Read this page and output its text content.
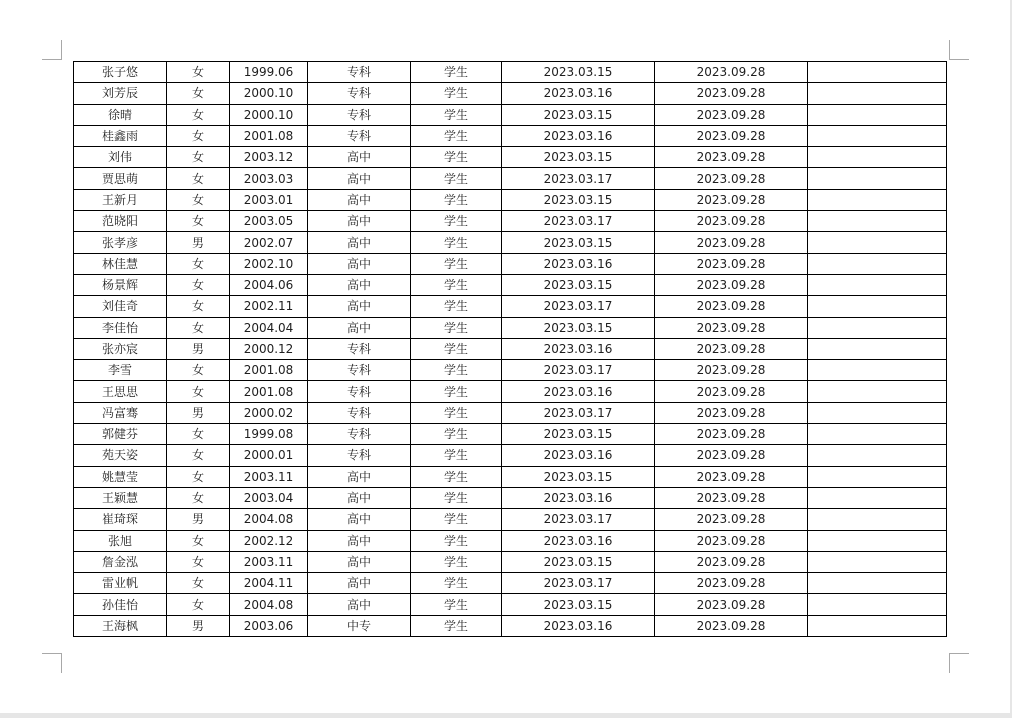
张子悠	女	1999.06	专科	学生	2023.03.15	2023.09.28	
刘芳辰	女	2000.10	专科	学生	2023.03.16	2023.09.28	
徐晴	女	2000.10	专科	学生	2023.03.15	2023.09.28	
桂鑫雨	女	2001.08	专科	学生	2023.03.16	2023.09.28	
刘伟	女	2003.12	高中	学生	2023.03.15	2023.09.28	
贾思萌	女	2003.03	高中	学生	2023.03.17	2023.09.28	
王新月	女	2003.01	高中	学生	2023.03.15	2023.09.28	
范晓阳	女	2003.05	高中	学生	2023.03.17	2023.09.28	
张孝彦	男	2002.07	高中	学生	2023.03.15	2023.09.28	
林佳慧	女	2002.10	高中	学生	2023.03.16	2023.09.28	
杨景辉	女	2004.06	高中	学生	2023.03.15	2023.09.28	
刘佳奇	女	2002.11	高中	学生	2023.03.17	2023.09.28	
李佳怡	女	2004.04	高中	学生	2023.03.15	2023.09.28	
张亦宸	男	2000.12	专科	学生	2023.03.16	2023.09.28	
李雪	女	2001.08	专科	学生	2023.03.17	2023.09.28	
王思思	女	2001.08	专科	学生	2023.03.16	2023.09.28	
冯富骞	男	2000.02	专科	学生	2023.03.17	2023.09.28	
郭健芬	女	1999.08	专科	学生	2023.03.15	2023.09.28	
苑天姿	女	2000.01	专科	学生	2023.03.16	2023.09.28	
姚慧莹	女	2003.11	高中	学生	2023.03.15	2023.09.28	
王颖慧	女	2003.04	高中	学生	2023.03.16	2023.09.28	
崔琦琛	男	2004.08	高中	学生	2023.03.17	2023.09.28	
张旭	女	2002.12	高中	学生	2023.03.16	2023.09.28	
詹金泓	女	2003.11	高中	学生	2023.03.15	2023.09.28	
雷业帆	女	2004.11	高中	学生	2023.03.17	2023.09.28	
孙佳怡	女	2004.08	高中	学生	2023.03.15	2023.09.28	
王海枫	男	2003.06	中专	学生	2023.03.16	2023.09.28	
